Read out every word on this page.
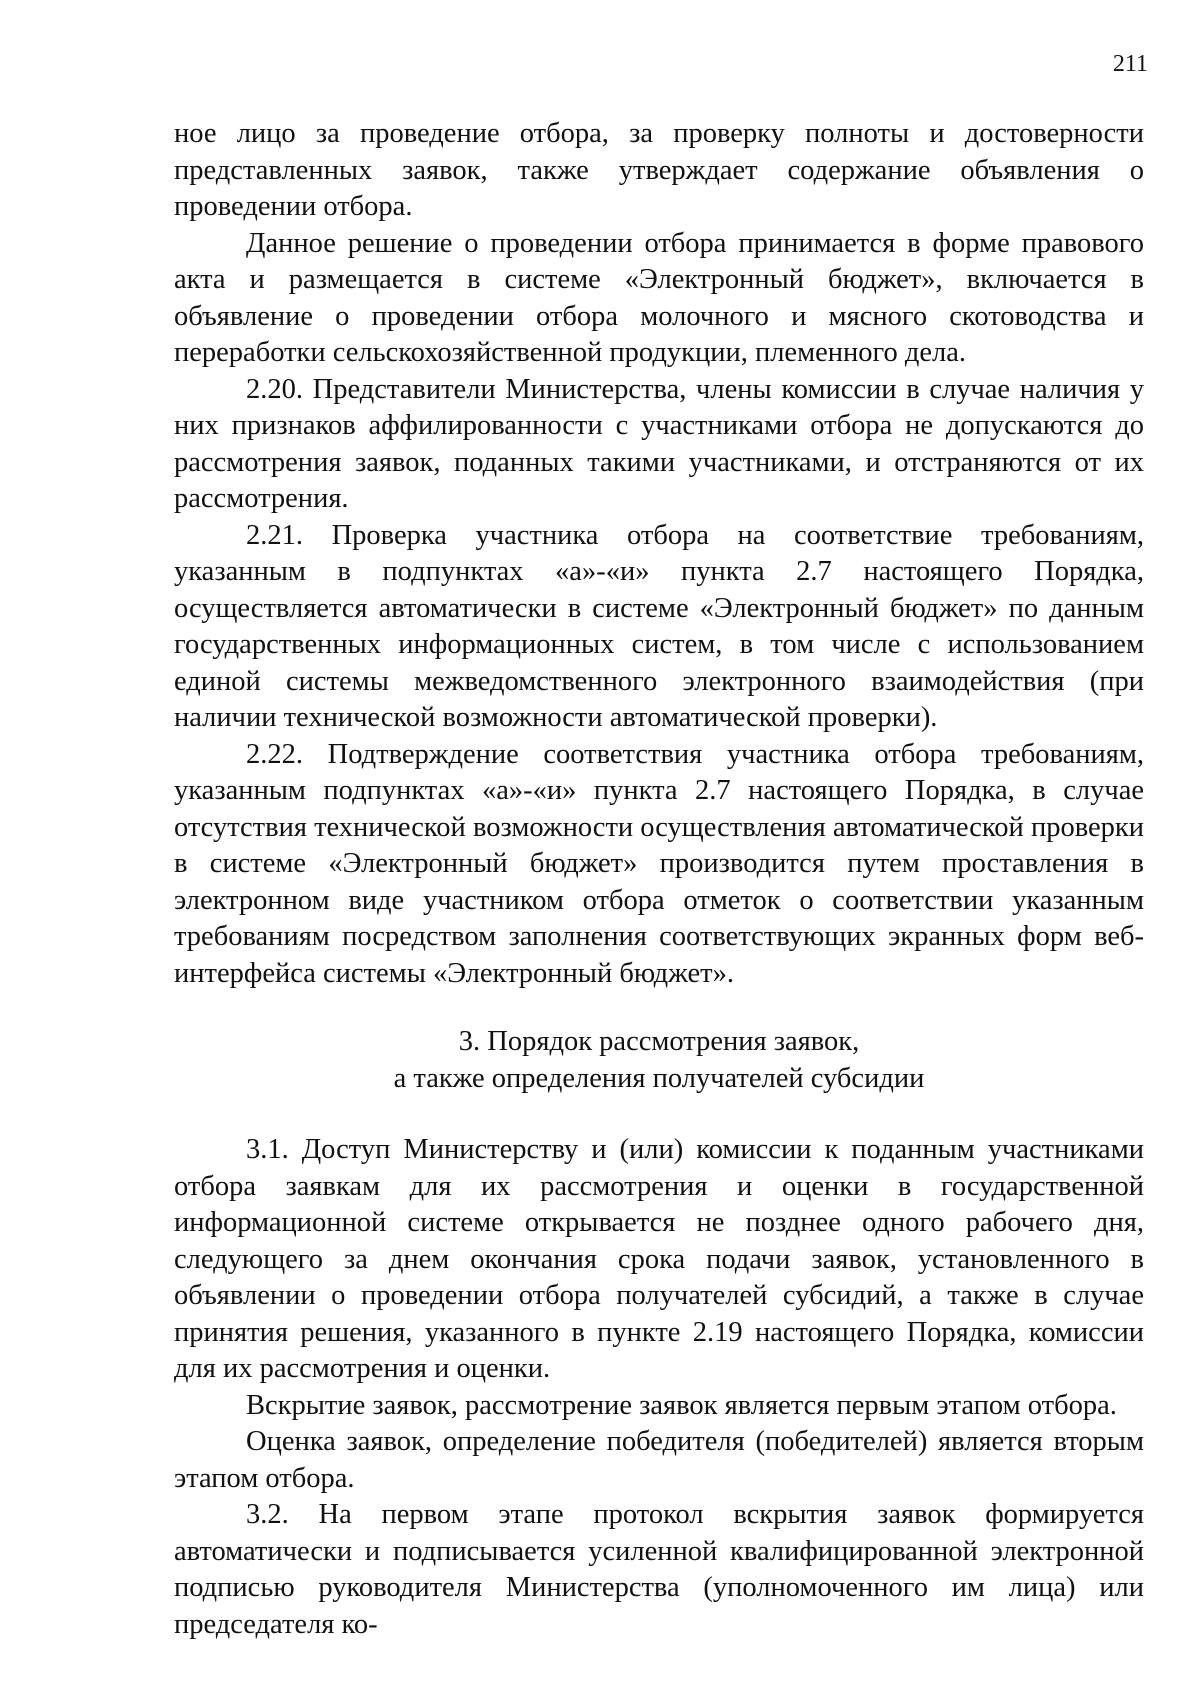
211

ное лицо за проведение отбора, за проверку полноты и достоверности представленных заявок, также утверждает содержание объявления о проведении отбора.

Данное решение о проведении отбора принимается в форме правового акта и размещается в системе «Электронный бюджет», включается в объявление о проведении отбора молочного и мясного скотоводства и переработки сельскохозяйственной продукции, племенного дела.

2.20. Представители Министерства, члены комиссии в случае наличия у них признаков аффилированности с участниками отбора не допускаются до рассмотрения заявок, поданных такими участниками, и отстраняются от их рассмотрения.

2.21. Проверка участника отбора на соответствие требованиям, указанным в подпунктах «а»-«и» пункта 2.7 настоящего Порядка, осуществляется автоматически в системе «Электронный бюджет» по данным государственных информационных систем, в том числе с использованием единой системы межведомственного электронного взаимодействия (при наличии технической возможности автоматической проверки).

2.22. Подтверждение соответствия участника отбора требованиям, указанным подпунктах «а»-«и» пункта 2.7 настоящего Порядка, в случае отсутствия технической возможности осуществления автоматической проверки в системе «Электронный бюджет» производится путем проставления в электронном виде участником отбора отметок о соответствии указанным требованиям посредством заполнения соответствующих экранных форм веб-интерфейса системы «Электронный бюджет».

3. Порядок рассмотрения заявок,
а также определения получателей субсидии

3.1. Доступ Министерству и (или) комиссии к поданным участниками отбора заявкам для их рассмотрения и оценки в государственной информационной системе открывается не позднее одного рабочего дня, следующего за днем окончания срока подачи заявок, установленного в объявлении о проведении отбора получателей субсидий, а также в случае принятия решения, указанного в пункте 2.19 настоящего Порядка, комиссии для их рассмотрения и оценки.

Вскрытие заявок, рассмотрение заявок является первым этапом отбора.

Оценка заявок, определение победителя (победителей) является вторым этапом отбора.

3.2. На первом этапе протокол вскрытия заявок формируется автоматически и подписывается усиленной квалифицированной электронной подписью руководителя Министерства (уполномоченного им лица) или председателя ко-
